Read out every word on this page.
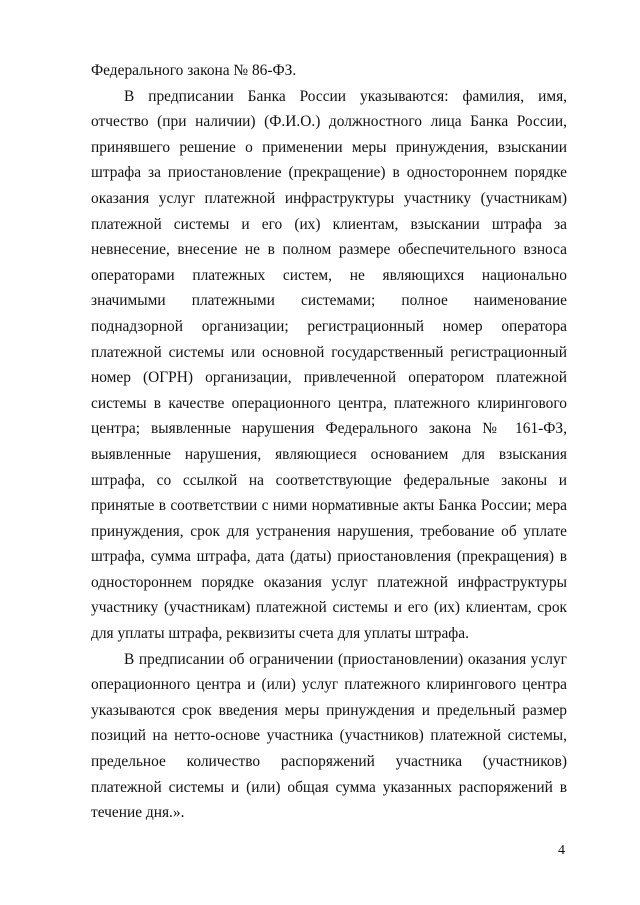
Федерального закона № 86-ФЗ.

В предписании Банка России указываются: фамилия, имя, отчество (при наличии) (Ф.И.О.) должностного лица Банка России, принявшего решение о применении меры принуждения, взыскании штрафа за приостановление (прекращение) в одностороннем порядке оказания услуг платежной инфраструктуры участнику (участникам) платежной системы и его (их) клиентам, взыскании штрафа за невнесение, внесение не в полном размере обеспечительного взноса операторами платежных систем, не являющихся национально значимыми платежными системами; полное наименование поднадзорной организации; регистрационный номер оператора платежной системы или основной государственный регистрационный номер (ОГРН) организации, привлеченной оператором платежной системы в качестве операционного центра, платежного клирингового центра; выявленные нарушения Федерального закона № 161-ФЗ, выявленные нарушения, являющиеся основанием для взыскания штрафа, со ссылкой на соответствующие федеральные законы и принятые в соответствии с ними нормативные акты Банка России; мера принуждения, срок для устранения нарушения, требование об уплате штрафа, сумма штрафа, дата (даты) приостановления (прекращения) в одностороннем порядке оказания услуг платежной инфраструктуры участнику (участникам) платежной системы и его (их) клиентам, срок для уплаты штрафа, реквизиты счета для уплаты штрафа.

В предписании об ограничении (приостановлении) оказания услуг операционного центра и (или) услуг платежного клирингового центра указываются срок введения меры принуждения и предельный размер позиций на нетто-основе участника (участников) платежной системы, предельное количество распоряжений участника (участников) платежной системы и (или) общая сумма указанных распоряжений в течение дня.».

4
